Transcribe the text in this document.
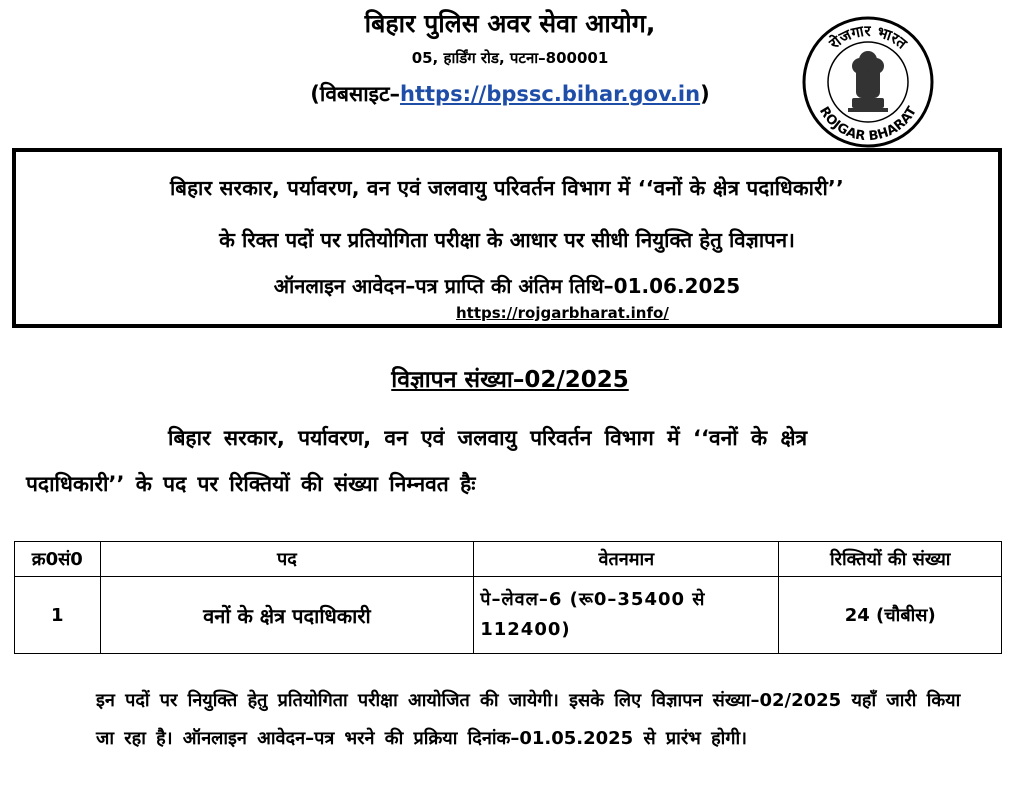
बिहार पुलिस अवर सेवा आयोग,
05, हार्डिंग रोड, पटना–800001
(विबसाइट–https://bpssc.bihar.gov.in)
रोजगार भारत
ROJGAR BHARAT
बिहार सरकार, पर्यावरण, वन एवं जलवायु परिवर्तन विभाग में ‘‘वनों के क्षेत्र पदाधिकारी’’
के रिक्त पदों पर प्रतियोगिता परीक्षा के आधार पर सीधी नियुक्ति हेतु विज्ञापन।
ऑनलाइन आवेदन–पत्र प्राप्ति की अंतिम तिथि–01.06.2025
https://rojgarbharat.info/
विज्ञापन संख्या–02/2025
बिहार सरकार, पर्यावरण, वन एवं जलवायु परिवर्तन विभाग में ‘‘वनों के क्षेत्र
पदाधिकारी’’ के पद पर रिक्तियों की संख्या निम्नवत हैः
क्र0सं0	पद	वेतनमान	रिक्तियों की संख्या
1	वनों के क्षेत्र पदाधिकारी	पे–लेवल–6 (रू0–35400 से 112400)	24 (चौबीस)
इन पदों पर नियुक्ति हेतु प्रतियोगिता परीक्षा आयोजित की जायेगी। इसके लिए विज्ञापन संख्या–02/2025 यहाँ जारी किया जा रहा है। ऑनलाइन आवेदन–पत्र भरने की प्रक्रिया दिनांक–01.05.2025 से प्रारंभ होगी।
